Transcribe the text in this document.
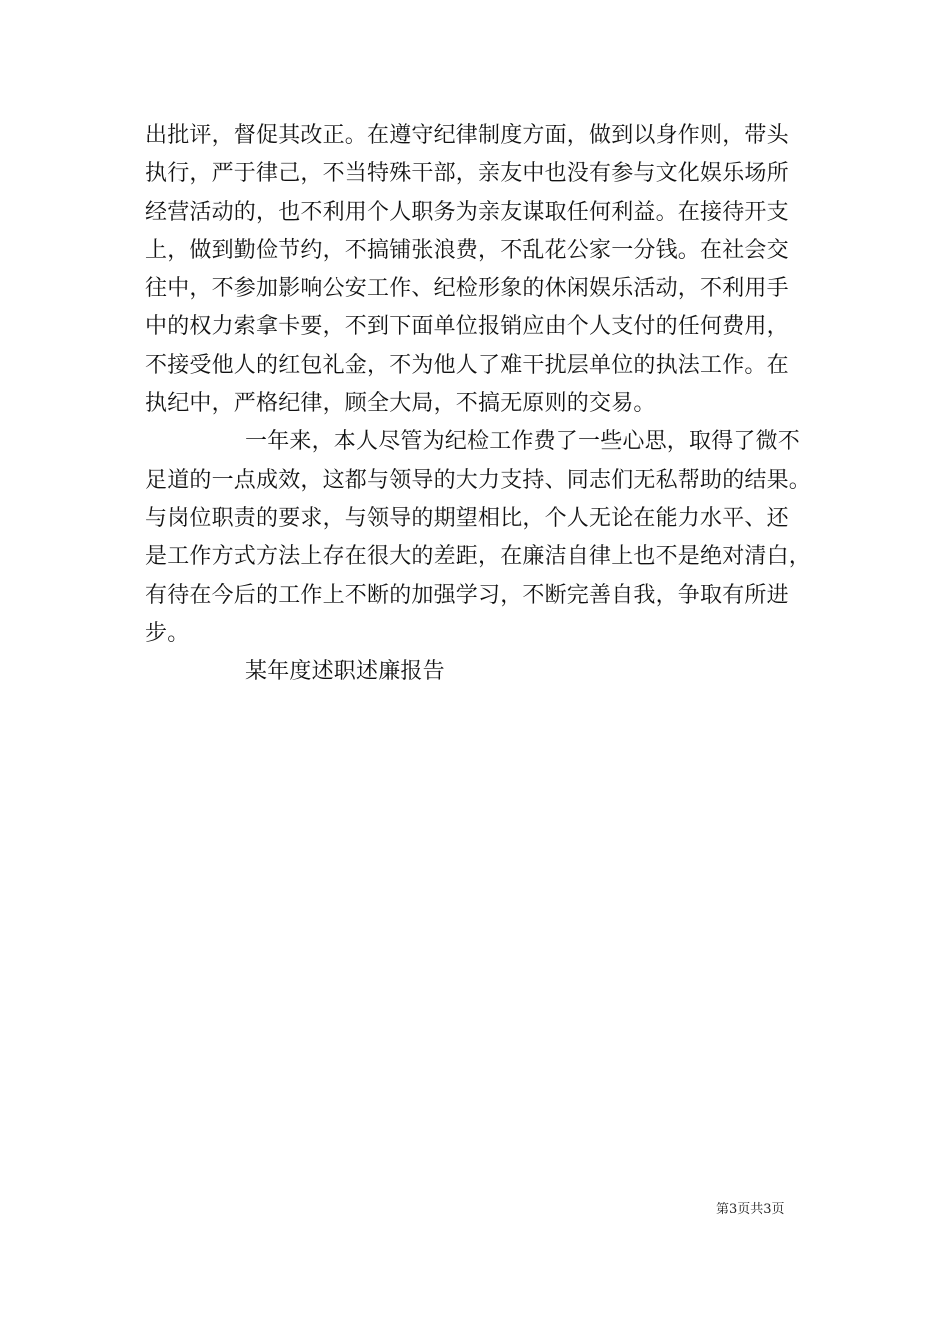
出批评，督促其改正。在遵守纪律制度方面，做到以身作则，带头
执行，严于律己，不当特殊干部，亲友中也没有参与文化娱乐场所
经营活动的，也不利用个人职务为亲友谋取任何利益。在接待开支
上，做到勤俭节约，不搞铺张浪费，不乱花公家一分钱。在社会交
往中，不参加影响公安工作、纪检形象的休闲娱乐活动，不利用手
中的权力索拿卡要，不到下面单位报销应由个人支付的任何费用，
不接受他人的红包礼金，不为他人了难干扰层单位的执法工作。在
执纪中，严格纪律，顾全大局，不搞无原则的交易。
一年来，本人尽管为纪检工作费了一些心思，取得了微不
足道的一点成效，这都与领导的大力支持、同志们无私帮助的结果。
与岗位职责的要求，与领导的期望相比，个人无论在能力水平、还
是工作方式方法上存在很大的差距，在廉洁自律上也不是绝对清白，
有待在今后的工作上不断的加强学习，不断完善自我，争取有所进
步。
某年度述职述廉报告
第3页共3页
